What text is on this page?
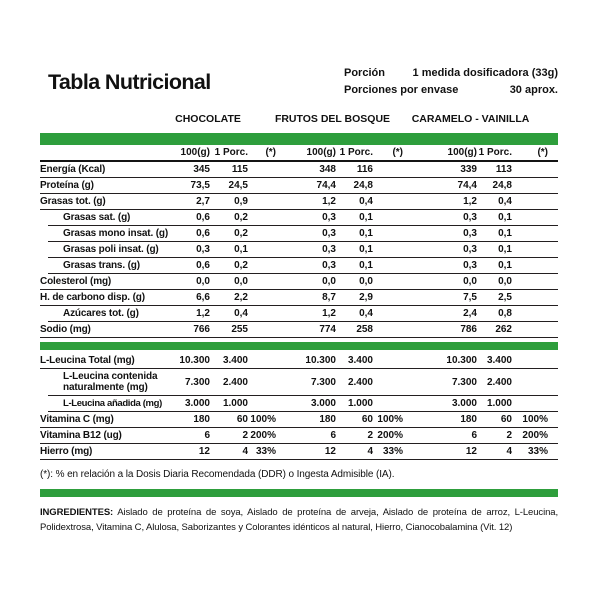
Tabla Nutricional	Porción	1 medida dosificadora (33g)
Porciones por envase	30 aprox.
CHOCOLATE	FRUTOS DEL BOSQUE CARAMELO - VAINILLA
100(g) 1 Porc.	(*)	100(g) 1 Porc.	(*)	100(g) 1 Porc.	(*)
Energía (Kcal)	345	115	348	116	339	113
Proteína (g)	73,5	24,5	74,4	24,8	74,4	24,8
Grasas tot. (g)	2,7	0,9	1,2	0,4	1,2	0,4
Grasas sat. (g)	0,6	0,2	0,3	0,1	0,3	0,1
Grasas mono insat. (g)	0,6	0,2	0,3	0,1	0,3	0,1
Grasas poli insat. (g)	0,3	0,1	0,3	0,1	0,3	0,1
Grasas trans. (g)	0,6	0,2	0,3	0,1	0,3	0,1
Colesterol (mg)	0,0	0,0	0,0	0,0	0,0	0,0
H. de carbono disp. (g)	6,6	2,2	8,7	2,9	7,5	2,5
Azúcares tot. (g)	1,2	0,4	1,2	0,4	2,4	0,8
Sodio (mg)	766	255	774	258	786	262
L-Leucina Total (mg)	10.300	3.400	10.300	3.400	10.300 3.400
L-Leucina contenida naturalmente (mg)	7.300	2.400	7.300	2.400	7.300 2.400
L-Leucina añadida (mg)	3.000	1.000	3.000	1.000	3.000 1.000
Vitamina C (mg)	180	60 100%	180	60 100%	180	60	100%
Vitamina B12 (ug)	6	2 200%	6	2 200%	6	2	200%
Hierro (mg)	12	4 33%	12	4 33%	12	4	33%
(*): % en relación a la Dosis Diaria Recomendada (DDR) o Ingesta Admisible (IA).

INGREDIENTES: Aislado de proteína de soya, Aislado de proteína de arveja, Aislado de proteína de arroz, L-Leucina, Polidextrosa, Vitamina C, Alulosa, Saborizantes y Colorantes idénticos al natural, Hierro, Cianocobalamina (Vit. 12)
